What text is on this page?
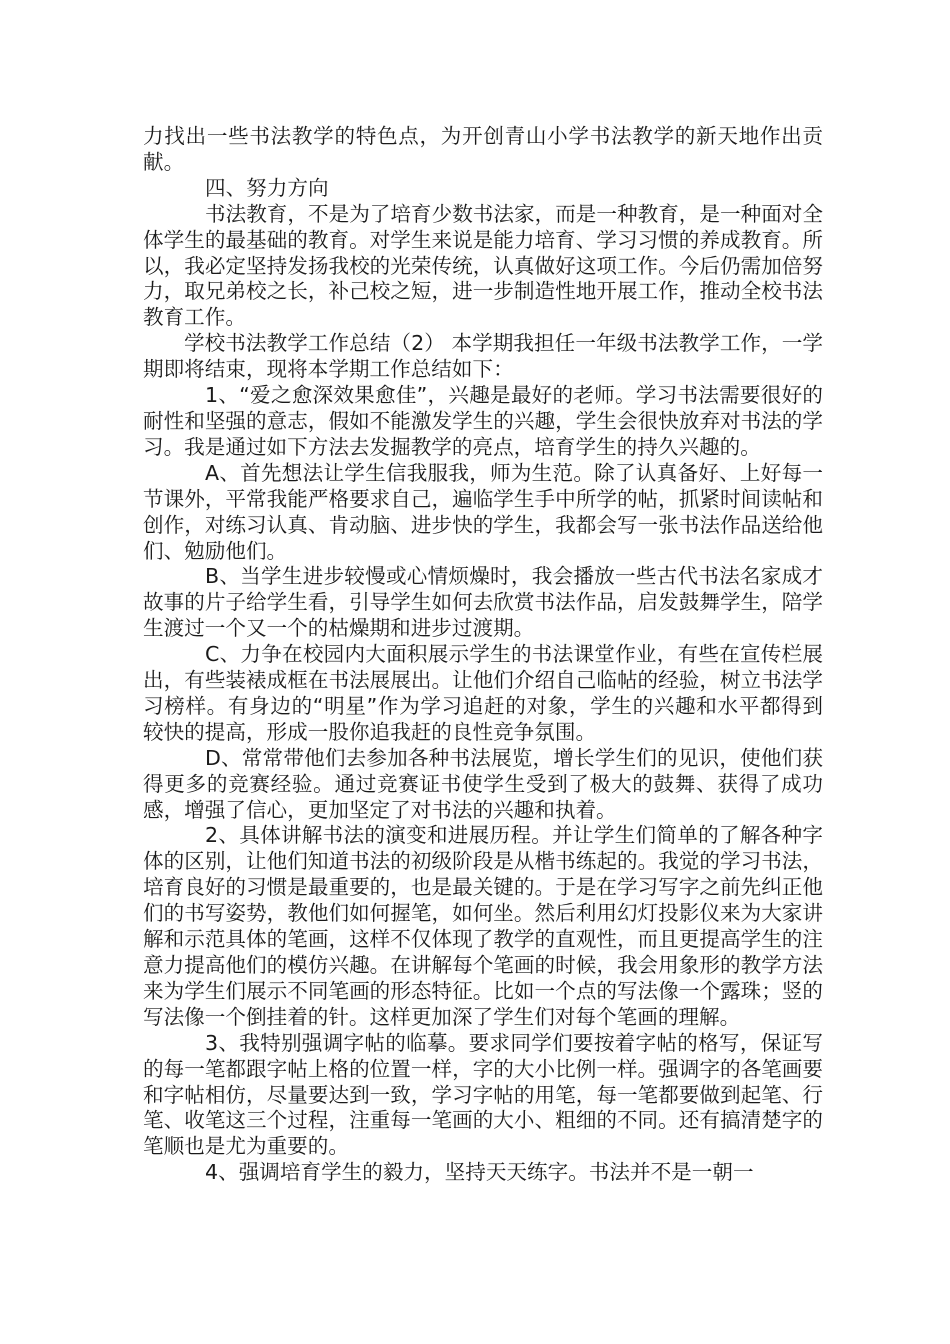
力找出一些书法教学的特色点，为开创青山小学书法教学的新天地作出贡献。

四、努力方向

书法教育，不是为了培育少数书法家，而是一种教育，是一种面对全体学生的最基础的教育。对学生来说是能力培育、学习习惯的养成教育。所以，我必定坚持发扬我校的光荣传统，认真做好这项工作。今后仍需加倍努力，取兄弟校之长，补己校之短，进一步制造性地开展工作，推动全校书法教育工作。

学校书法教学工作总结（2） 本学期我担任一年级书法教学工作，一学期即将结束，现将本学期工作总结如下：

1、“爱之愈深效果愈佳”，兴趣是最好的老师。学习书法需要很好的耐性和坚强的意志，假如不能激发学生的兴趣，学生会很快放弃对书法的学习。我是通过如下方法去发掘教学的亮点，培育学生的持久兴趣的。

A、首先想法让学生信我服我，师为生范。除了认真备好、上好每一节课外，平常我能严格要求自己，遍临学生手中所学的帖，抓紧时间读帖和创作，对练习认真、肯动脑、进步快的学生，我都会写一张书法作品送给他们、勉励他们。

B、当学生进步较慢或心情烦燥时，我会播放一些古代书法名家成才故事的片子给学生看，引导学生如何去欣赏书法作品，启发鼓舞学生，陪学生渡过一个又一个的枯燥期和进步过渡期。

C、力争在校园内大面积展示学生的书法课堂作业，有些在宣传栏展出，有些装裱成框在书法展展出。让他们介绍自己临帖的经验，树立书法学习榜样。有身边的“明星”作为学习追赶的对象，学生的兴趣和水平都得到较快的提高，形成一股你追我赶的良性竞争氛围。

D、常常带他们去参加各种书法展览，增长学生们的见识，使他们获得更多的竞赛经验。通过竞赛证书使学生受到了极大的鼓舞、获得了成功感，增强了信心，更加坚定了对书法的兴趣和执着。

2、具体讲解书法的演变和进展历程。并让学生们简单的了解各种字体的区别，让他们知道书法的初级阶段是从楷书练起的。我觉的学习书法，培育良好的习惯是最重要的，也是最关键的。于是在学习写字之前先纠正他们的书写姿势，教他们如何握笔，如何坐。然后利用幻灯投影仪来为大家讲解和示范具体的笔画，这样不仅体现了教学的直观性，而且更提高学生的注意力提高他们的模仿兴趣。在讲解每个笔画的时候，我会用象形的教学方法来为学生们展示不同笔画的形态特征。比如一个点的写法像一个露珠；竖的写法像一个倒挂着的针。这样更加深了学生们对每个笔画的理解。

3、我特别强调字帖的临摹。要求同学们要按着字帖的格写，保证写的每一笔都跟字帖上格的位置一样，字的大小比例一样。强调字的各笔画要和字帖相仿，尽量要达到一致，学习字帖的用笔，每一笔都要做到起笔、行笔、收笔这三个过程，注重每一笔画的大小、粗细的不同。还有搞清楚字的笔顺也是尤为重要的。

4、强调培育学生的毅力，坚持天天练字。书法并不是一朝一
